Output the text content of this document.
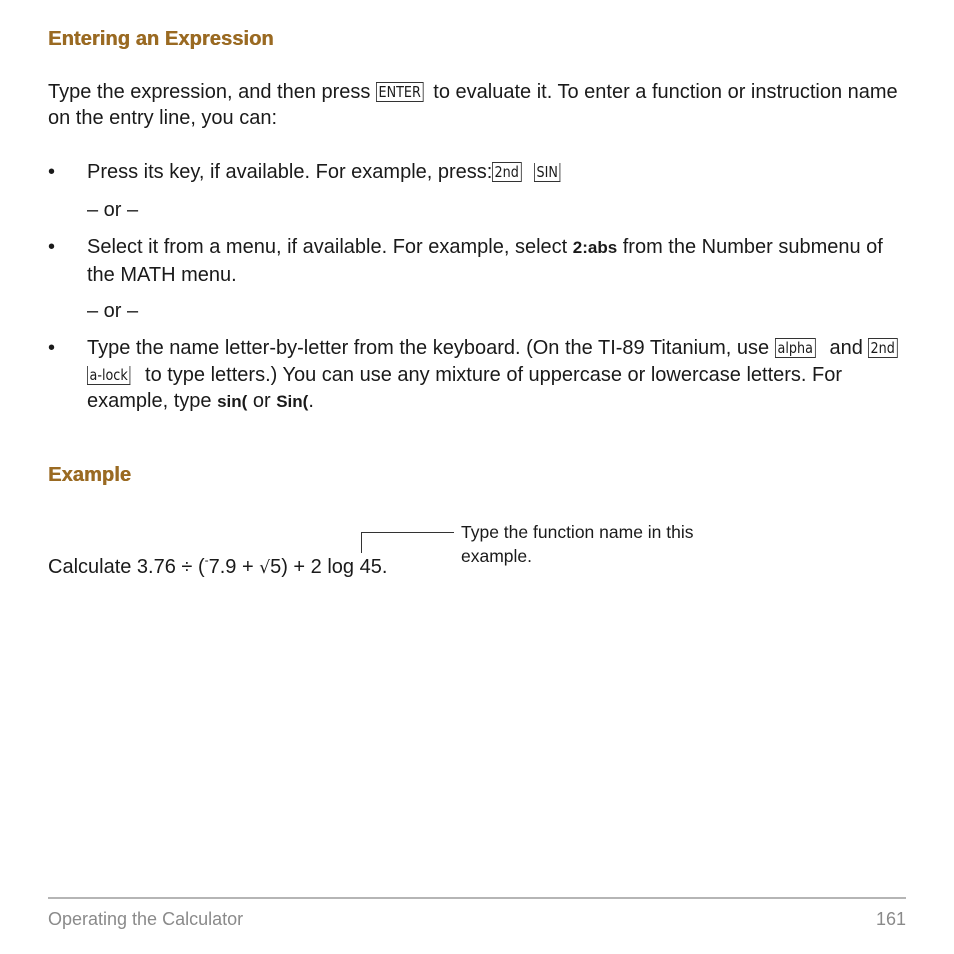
Entering an Expression

Type the expression, and then press ENTER to evaluate it. To enter a function or instruction name on the entry line, you can:

• Press its key, if available. For example, press: 2nd SIN

– or –
• Select it from a menu, if available. For example, select 2:abs from the Number submenu of the MATH menu.

– or –
• Type the name letter-by-letter from the keyboard. (On the TI-89 Titanium, use alpha  and 2nd  a-lock  to type letters.) You can use any mixture of uppercase or lowercase letters. For example, type sin( or Sin(.

Example

Calculate 3.76 ÷ (-7.9 + √5) + 2 log 45.

Type the function name in this example.

Operating the Calculator	161
